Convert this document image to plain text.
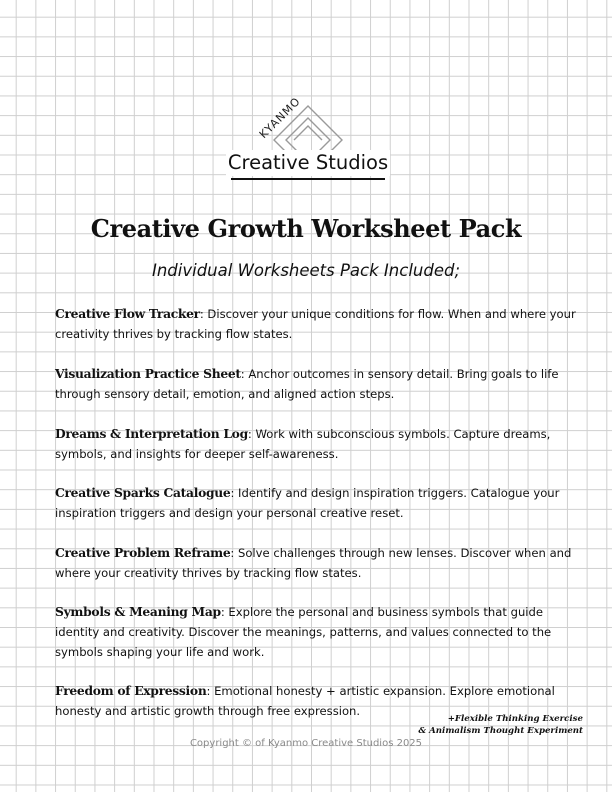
KYANMO
Creative Studios
Creative Growth Worksheet Pack
Individual Worksheets Pack Included;
Creative Flow Tracker: Discover your unique conditions for flow. When and where your creativity thrives by tracking flow states.
Visualization Practice Sheet: Anchor outcomes in sensory detail. Bring goals to life through sensory detail, emotion, and aligned action steps.
Dreams & Interpretation Log: Work with subconscious symbols. Capture dreams, symbols, and insights for deeper self-awareness.
Creative Sparks Catalogue: Identify and design inspiration triggers. Catalogue your inspiration triggers and design your personal creative reset.
Creative Problem Reframe: Solve challenges through new lenses. Discover when and where your creativity thrives by tracking flow states.
Symbols & Meaning Map: Explore the personal and business symbols that guide identity and creativity. Discover the meanings, patterns, and values connected to the symbols shaping your life and work.
Freedom of Expression: Emotional honesty + artistic expansion. Explore emotional honesty and artistic growth through free expression.
+Flexible Thinking Exercise
& Animalism Thought Experiment
Copyright © of Kyanmo Creative Studios 2025
